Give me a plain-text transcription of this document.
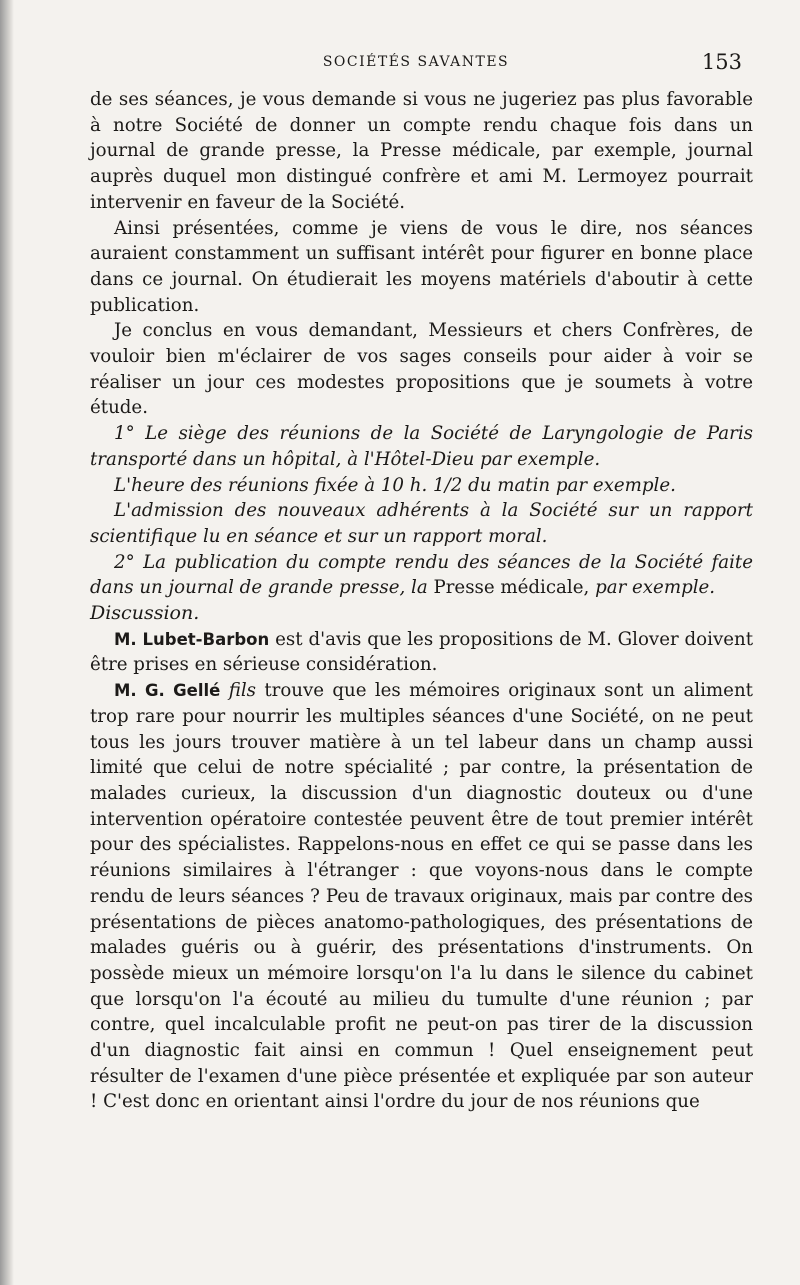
SOCIÉTÉS SAVANTES	153

de ses séances, je vous demande si vous ne jugeriez pas plus favorable à notre Société de donner un compte rendu chaque fois dans un journal de grande presse, la Presse médicale, par exemple, journal auprès duquel mon distingué confrère et ami M. Lermoyez pourrait intervenir en faveur de la Société.

Ainsi présentées, comme je viens de vous le dire, nos séances auraient constamment un suffisant intérêt pour figurer en bonne place dans ce journal. On étudierait les moyens matériels d'aboutir à cette publication.

Je conclus en vous demandant, Messieurs et chers Confrères, de vouloir bien m'éclairer de vos sages conseils pour aider à voir se réaliser un jour ces modestes propositions que je soumets à votre étude.

1° Le siège des réunions de la Société de Laryngologie de Paris transporté dans un hôpital, à l'Hôtel-Dieu par exemple.

L'heure des réunions fixée à 10 h. 1/2 du matin par exemple.

L'admission des nouveaux adhérents à la Société sur un rapport scientifique lu en séance et sur un rapport moral.

2° La publication du compte rendu des séances de la Société faite dans un journal de grande presse, la Presse médicale, par exemple.

Discussion.

M. Lubet-Barbon est d'avis que les propositions de M. Glover doivent être prises en sérieuse considération.

M. G. Gellé fils trouve que les mémoires originaux sont un aliment trop rare pour nourrir les multiples séances d'une Société, on ne peut tous les jours trouver matière à un tel labeur dans un champ aussi limité que celui de notre spécialité ; par contre, la présentation de malades curieux, la discussion d'un diagnostic douteux ou d'une intervention opératoire contestée peuvent être de tout premier intérêt pour des spécialistes. Rappelons-nous en effet ce qui se passe dans les réunions similaires à l'étranger : que voyons-nous dans le compte rendu de leurs séances ? Peu de travaux originaux, mais par contre des présentations de pièces anatomo-pathologiques, des présentations de malades guéris ou à guérir, des présentations d'instruments. On possède mieux un mémoire lorsqu'on l'a lu dans le silence du cabinet que lorsqu'on l'a écouté au milieu du tumulte d'une réunion ; par contre, quel incalculable profit ne peut-on pas tirer de la discussion d'un diagnostic fait ainsi en commun ! Quel enseignement peut résulter de l'examen d'une pièce présentée et expliquée par son auteur ! C'est donc en orientant ainsi l'ordre du jour de nos réunions que
